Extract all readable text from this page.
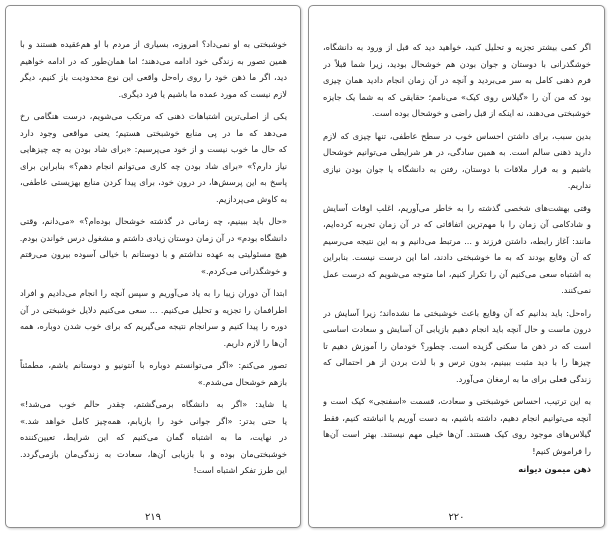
خوشبختی به او نمی‌داد؟ امروزه، بسیاری از مردم با او هم‌عقیده هستند و با
همین تصور به زندگی خود ادامه می‌دهند؛ اما همان‌طور که در ادامه خواهیم
دید، اگر ما ذهن خود را روی راه‌حل واقعی این نوع محدودیت باز کنیم، دیگر
لازم نیست که مورد عمده ما باشیم یا فرد دیگری.
یکی از اصلی‌ترین اشتباهات ذهنی که مرتکب می‌شویم، درست هنگامی رخ
می‌دهد که ما در پی منابع خوشبختی هستیم؛ یعنی مواقعی وجود دارد
که حال ما خوب نیست و از خود می‌پرسیم: «برای شاد بودن به چه چیزهایی
نیاز دارم؟» «برای شاد بودن چه کاری می‌توانم انجام دهم؟» بنابراین برای
پاسخ به این پرسش‌ها، در درون خود، برای پیدا کردن منابع بهزیستی عاطفی،
به کاوش می‌پردازیم.
«حال باید ببینیم، چه زمانی در گذشته خوشحال بوده‌ام؟» «می‌دانم، وقتی
دانشگاه بودم» در آن زمان دوستان زیادی داشتم و مشغول درس خواندن بودم.
هیچ مسئولیتی به عهده نداشتم و با دوستانم با خیالی آسوده بیرون می‌رفتم
و خوشگذرانی می‌کردم.»
ابتدا آن دوران زیبا را به یاد می‌آوریم و سپس آنچه را انجام می‌دادیم و افراد
اطرافمان را تجزیه و تحلیل می‌کنیم. ... سعی می‌کنیم دلایل خوشبختی در آن
دوره را پیدا کنیم و سرانجام نتیجه می‌گیریم که برای خوب شدن دوباره، همه
آن‌ها را لازم داریم.
تصور می‌کنم: «اگر می‌توانستم دوباره با آنتونیو و دوستانم باشم، مطمئناً
بازهم خوشحال می‌شدم.»
یا شاید: «اگر به دانشگاه برمی‌گشتم، چقدر حالم خوب می‌شد!»
یا حتی بدتر: «اگر جوانی خود را بازیابم، همه‌چیز کامل خواهد شد.»
در نهایت، ما به اشتباه گمان می‌کنیم که این شرایط، تعیین‌کننده
خوشبختی‌مان بوده و با بازیابی آن‌ها، سعادت به زندگی‌مان بازمی‌گردد.
این طرز تفکر اشتباه است!
۲۱۹
اگر کمی بیشتر تجزیه و تحلیل کنید، خواهید دید که قبل از ورود به دانشگاه،
خوشگذرانی با دوستان و جوان بودن هم خوشحال بودید، زیرا شما قبلاً در
فرم ذهنی کامل به سر می‌بردید و آنچه در آن زمان انجام دادید همان چیزی
بود که من آن را «گیلاس روی کیک» می‌نامم؛ حقایقی که به شما یک جایزه
خوشبختی می‌دهند، نه اینکه از قبل راضی و خوشحال بوده است.
بدین سبب، برای داشتن احساس خوب در سطح عاطفی، تنها چیزی که لازم
دارید ذهنی سالم است. به همین سادگی، در هر شرایطی می‌توانیم خوشحال
باشیم و به قرار ملاقات با دوستان، رفتن به دانشگاه یا جوان بودن نیازی
نداریم.
وقتی بهشت‌های شخصی گذشته را به خاطر می‌آوریم، اغلب اوقات آسایش
و شادکامی آن زمان را با مهم‌ترین اتفاقاتی که در آن زمان تجربه کرده‌ایم،
مانند: آغاز رابطه، داشتن فرزند و ... مرتبط می‌دانیم و به این نتیجه می‌رسیم
که آن وقایع بودند که به ما خوشبختی دادند، اما این درست نیست. بنابراین
به اشتباه سعی می‌کنیم آن را تکرار کنیم، اما متوجه می‌شویم که درست عمل
نمی‌کنند.
راه‌حل: باید بدانیم که آن وقایع باعث خوشبختی ما نشده‌اند؛ زیرا آسایش در
درون ماست و حال آنچه باید انجام دهیم بازیابی آن آسایش و سعادت اساسی
است که در ذهن ما سکنی گزیده است. چطور؟ خودمان را آموزش دهیم تا
چیزها را با دید مثبت ببینیم، بدون ترس و با لذت بردن از هر احتمالی که
زندگی فعلی برای ما به ارمغان می‌آورد.
به این ترتیب، احساس خوشبختی و سعادت، قسمت «اسفنجی» کیک است و
آنچه می‌توانیم انجام دهیم، داشته باشیم، به دست آوریم یا انباشته کنیم، فقط
گیلاس‌های موجود روی کیک هستند. آن‌ها خیلی مهم نیستند. بهتر است آن‌ها
را فراموش کنیم!
ذهن میمون دیوانه
۲۲۰
